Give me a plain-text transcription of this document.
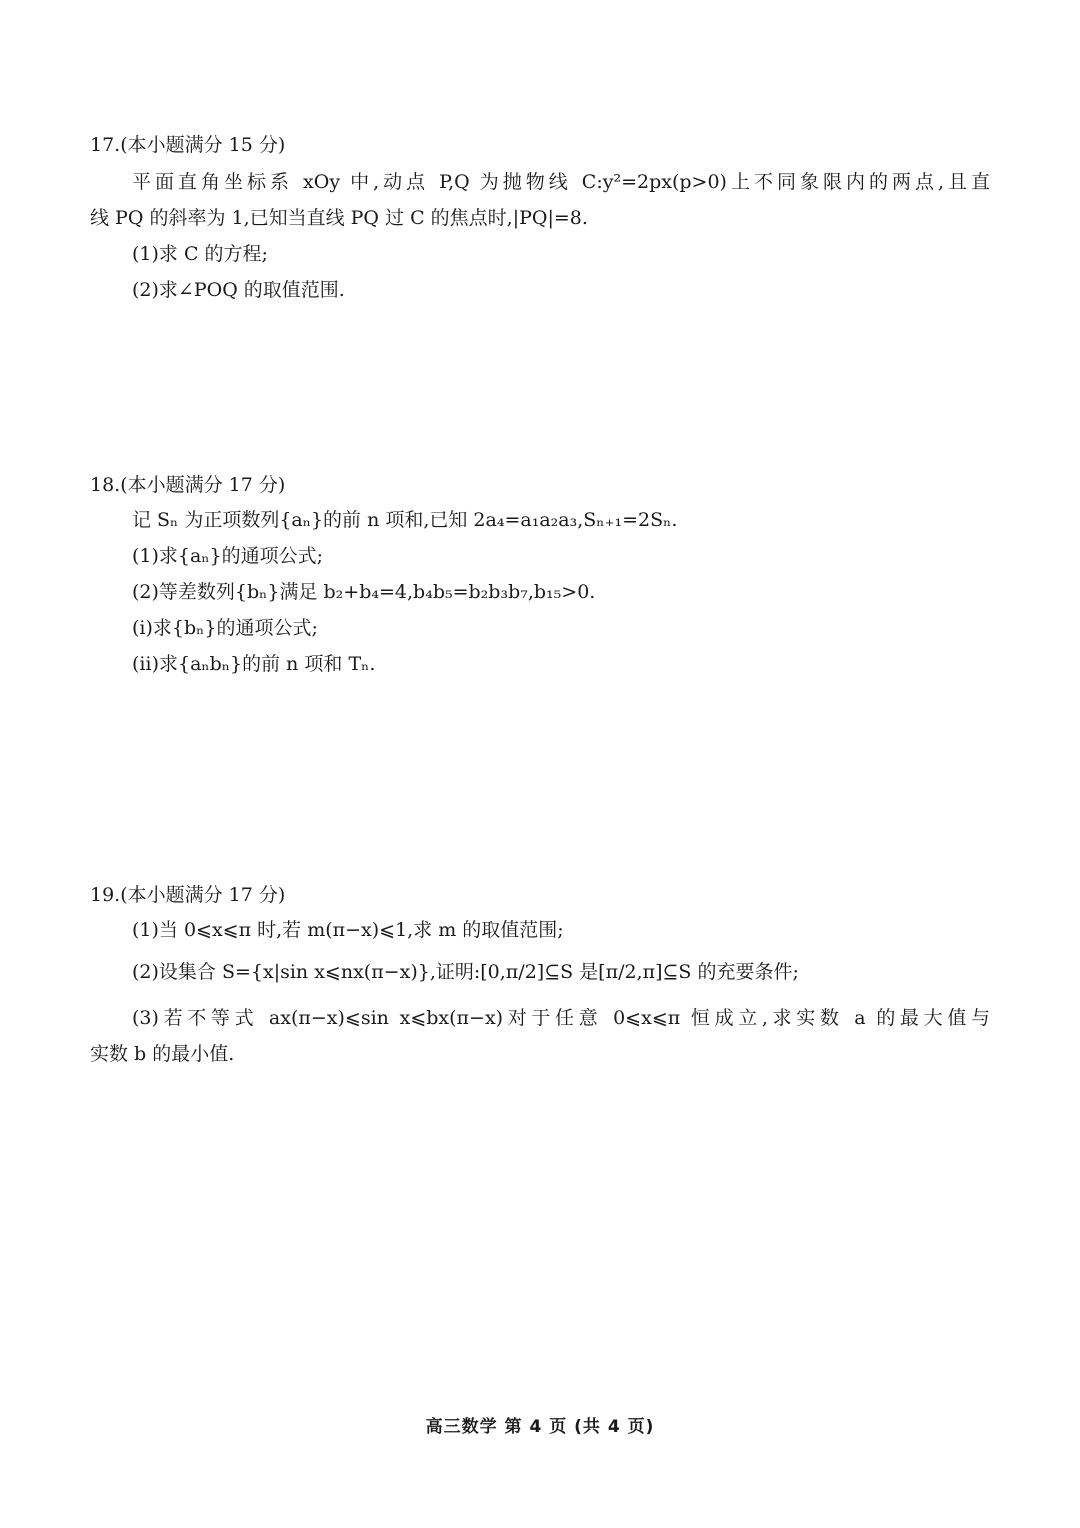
17.(本小题满分 15 分)
平面直角坐标系 xOy 中,动点 P,Q 为抛物线 C:y²=2px(p>0)上不同象限内的两点,且直
线 PQ 的斜率为 1,已知当直线 PQ 过 C 的焦点时,|PQ|=8.
(1)求 C 的方程;
(2)求∠POQ 的取值范围.
18.(本小题满分 17 分)
记 Sₙ 为正项数列{aₙ}的前 n 项和,已知 2a₄=a₁a₂a₃,Sₙ₊₁=2Sₙ.
(1)求{aₙ}的通项公式;
(2)等差数列{bₙ}满足 b₂+b₄=4,b₄b₅=b₂b₃b₇,b₁₅>0.
(ⅰ)求{bₙ}的通项公式;
(ⅱ)求{aₙbₙ}的前 n 项和 Tₙ.
19.(本小题满分 17 分)
(1)当 0⩽x⩽π 时,若 m(π−x)⩽1,求 m 的取值范围;
(2)设集合 S={x|sin x⩽nx(π−x)},证明:[0,π/2]⊆S 是[π/2,π]⊆S 的充要条件;
(3)若不等式 ax(π−x)⩽sin x⩽bx(π−x)对于任意 0⩽x⩽π 恒成立,求实数 a 的最大值与
实数 b 的最小值.
高三数学 第 4 页 (共 4 页)
